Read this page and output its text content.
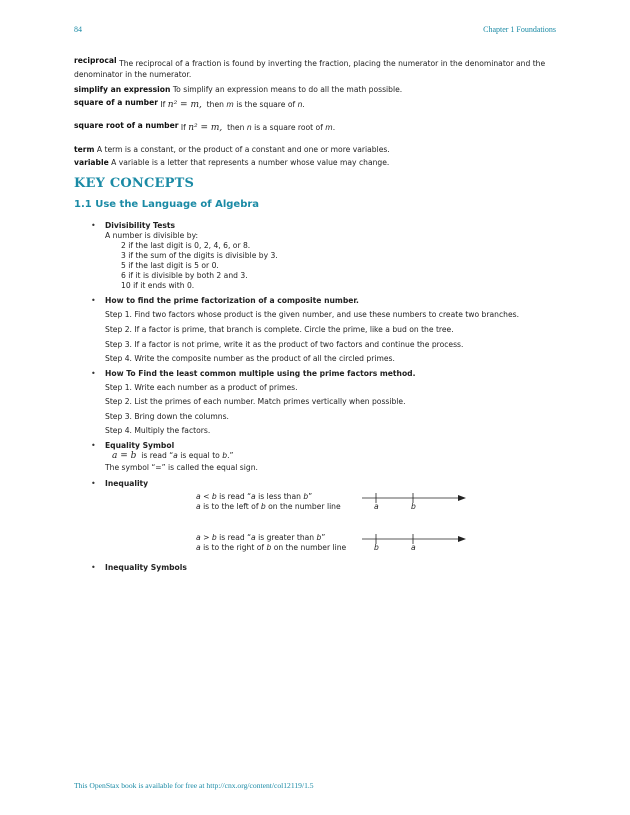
84	Chapter 1 Foundations
reciprocal The reciprocal of a fraction is found by inverting the fraction, placing the numerator in the denominator and the denominator in the numerator.
simplify an expression To simplify an expression means to do all the math possible.
square of a number If n² = m, then m is the square of n.
square root of a number If n² = m, then n is a square root of m.
term A term is a constant, or the product of a constant and one or more variables.
variable A variable is a letter that represents a number whose value may change.
KEY CONCEPTS
1.1 Use the Language of Algebra
• Divisibility Tests
A number is divisible by:
2 if the last digit is 0, 2, 4, 6, or 8.
3 if the sum of the digits is divisible by 3.
5 if the last digit is 5 or 0.
6 if it is divisible by both 2 and 3.
10 if it ends with 0.
• How to find the prime factorization of a composite number.
Step 1. Find two factors whose product is the given number, and use these numbers to create two branches.
Step 2. If a factor is prime, that branch is complete. Circle the prime, like a bud on the tree.
Step 3. If a factor is not prime, write it as the product of two factors and continue the process.
Step 4. Write the composite number as the product of all the circled primes.
• How To Find the least common multiple using the prime factors method.
Step 1. Write each number as a product of primes.
Step 2. List the primes of each number. Match primes vertically when possible.
Step 3. Bring down the columns.
Step 4. Multiply the factors.
• Equality Symbol
a = b is read “a is equal to b.”
The symbol “=” is called the equal sign.
• Inequality
a < b is read “a is less than b”
a is to the left of b on the number line	a	b
a > b is read “a is greater than b”
a is to the right of b on the number line	b	a
• Inequality Symbols
This OpenStax book is available for free at http://cnx.org/content/col12119/1.5
